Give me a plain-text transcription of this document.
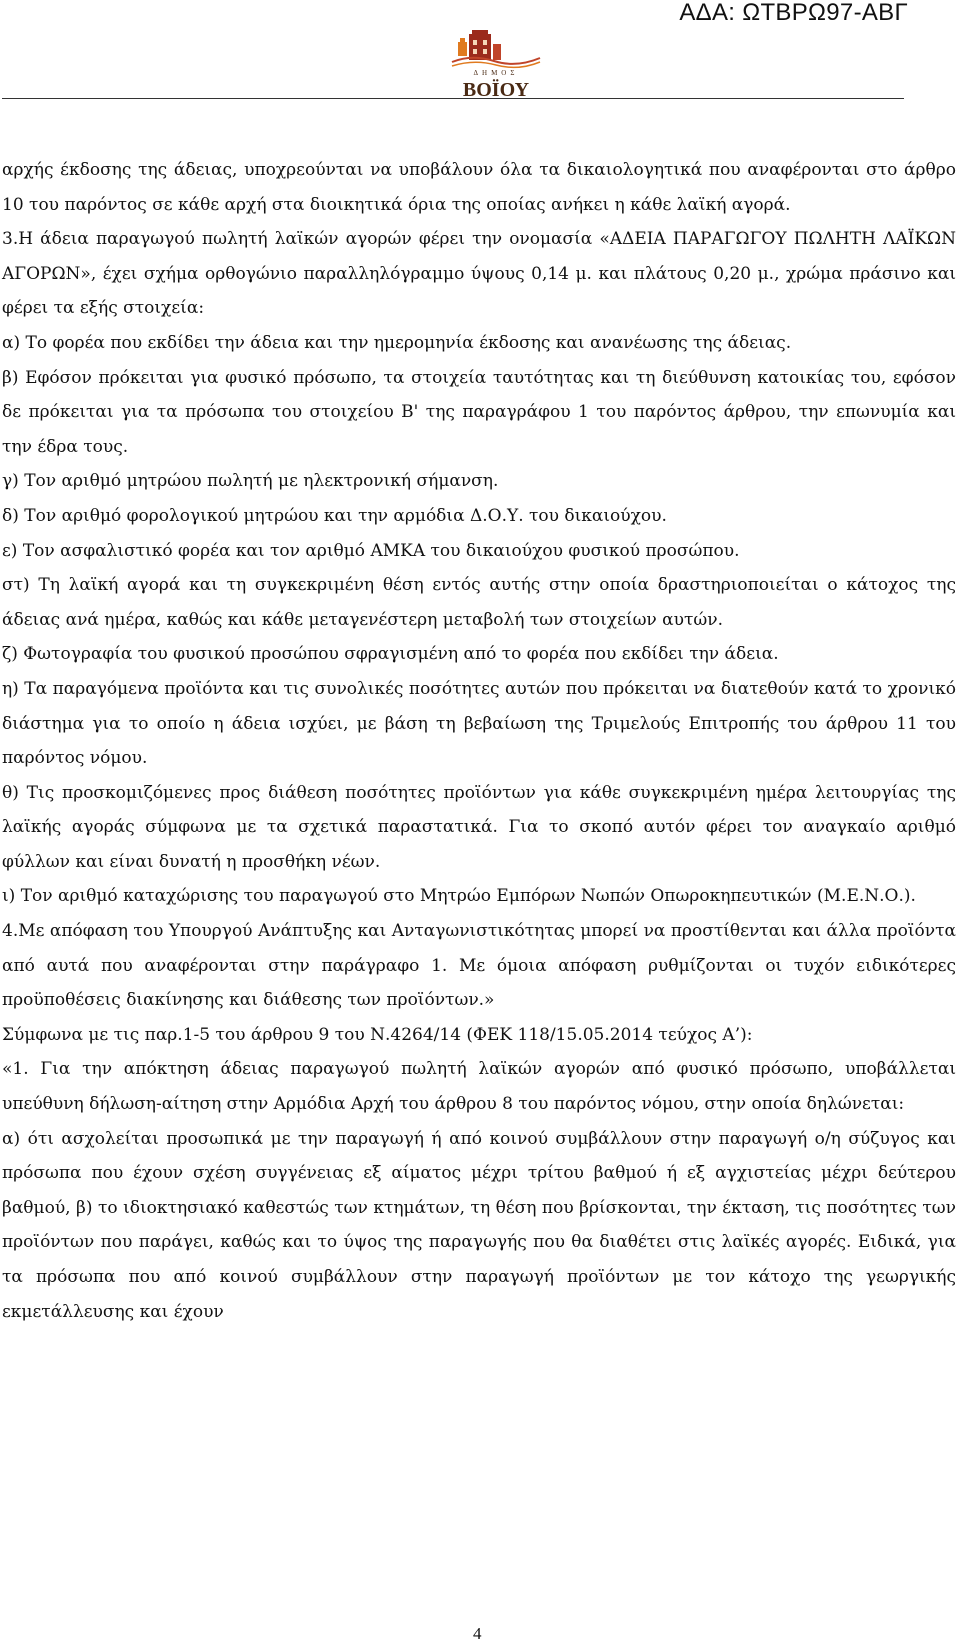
ΑΔΑ: ΩΤΒΡΩ97-ΑΒΓ
ΔΗΜΟΣ
ΒΟΪΟΥ

αρχής έκδοσης της άδειας, υποχρεούνται να υποβάλουν όλα τα δικαιολογητικά που αναφέρονται στο άρθρο 10 του παρόντος σε κάθε αρχή στα διοικητικά όρια της οποίας ανήκει η κάθε λαϊκή αγορά.

3.Η άδεια παραγωγού πωλητή λαϊκών αγορών φέρει την ονομασία «ΑΔΕΙΑ ΠΑΡΑΓΩΓΟΥ ΠΩΛΗΤΗ ΛΑΪΚΩΝ ΑΓΟΡΩΝ», έχει σχήμα ορθογώνιο παραλληλόγραμμο ύψους 0,14 μ. και πλάτους 0,20 μ., χρώμα πράσινο και φέρει τα εξής στοιχεία:

α) Το φορέα που εκδίδει την άδεια και την ημερομηνία έκδοσης και ανανέωσης της άδειας.

β) Εφόσον πρόκειται για φυσικό πρόσωπο, τα στοιχεία ταυτότητας και τη διεύθυνση κατοικίας του, εφόσον δε πρόκειται για τα πρόσωπα του στοιχείου Β' της παραγράφου 1 του παρόντος άρθρου, την επωνυμία και την έδρα τους.

γ) Τον αριθμό μητρώου πωλητή με ηλεκτρονική σήμανση.

δ) Τον αριθμό φορολογικού μητρώου και την αρμόδια Δ.Ο.Υ. του δικαιούχου.

ε) Τον ασφαλιστικό φορέα και τον αριθμό ΑΜΚΑ του δικαιούχου φυσικού προσώπου.

στ) Τη λαϊκή αγορά και τη συγκεκριμένη θέση εντός αυτής στην οποία δραστηριοποιείται ο κάτοχος της άδειας ανά ημέρα, καθώς και κάθε μεταγενέστερη μεταβολή των στοιχείων αυτών.

ζ) Φωτογραφία του φυσικού προσώπου σφραγισμένη από το φορέα που εκδίδει την άδεια.

η) Τα παραγόμενα προϊόντα και τις συνολικές ποσότητες αυτών που πρόκειται να διατεθούν κατά το χρονικό διάστημα για το οποίο η άδεια ισχύει, με βάση τη βεβαίωση της Τριμελούς Επιτροπής του άρθρου 11 του παρόντος νόμου.

θ) Τις προσκομιζόμενες προς διάθεση ποσότητες προϊόντων για κάθε συγκεκριμένη ημέρα λειτουργίας της λαϊκής αγοράς σύμφωνα με τα σχετικά παραστατικά. Για το σκοπό αυτόν φέρει τον αναγκαίο αριθμό φύλλων και είναι δυνατή η προσθήκη νέων.

ι) Τον αριθμό καταχώρισης του παραγωγού στο Μητρώο Εμπόρων Νωπών Οπωροκηπευτικών (Μ.Ε.Ν.Ο.).

4.Με απόφαση του Υπουργού Ανάπτυξης και Ανταγωνιστικότητας μπορεί να προστίθενται και άλλα προϊόντα από αυτά που αναφέρονται στην παράγραφο 1. Με όμοια απόφαση ρυθμίζονται οι τυχόν ειδικότερες προϋποθέσεις διακίνησης και διάθεσης των προϊόντων.»

Σύμφωνα με τις παρ.1-5 του άρθρου 9 του Ν.4264/14 (ΦΕΚ 118/15.05.2014 τεύχος Α’):

«1. Για την απόκτηση άδειας παραγωγού πωλητή λαϊκών αγορών από φυσικό πρόσωπο, υποβάλλεται υπεύθυνη δήλωση-αίτηση στην Αρμόδια Αρχή του άρθρου 8 του παρόντος νόμου, στην οποία δηλώνεται:

α) ότι ασχολείται προσωπικά με την παραγωγή ή από κοινού συμβάλλουν στην παραγωγή ο/η σύζυγος και πρόσωπα που έχουν σχέση συγγένειας εξ αίματος μέχρι τρίτου βαθμού ή εξ αγχιστείας μέχρι δεύτερου βαθμού, β) το ιδιοκτησιακό καθεστώς των κτημάτων, τη θέση που βρίσκονται, την έκταση, τις ποσότητες των προϊόντων που παράγει, καθώς και το ύψος της παραγωγής που θα διαθέτει στις λαϊκές αγορές. Ειδικά, για τα πρόσωπα που από κοινού συμβάλλουν στην παραγωγή προϊόντων με τον κάτοχο της γεωργικής εκμετάλλευσης και έχουν

4
